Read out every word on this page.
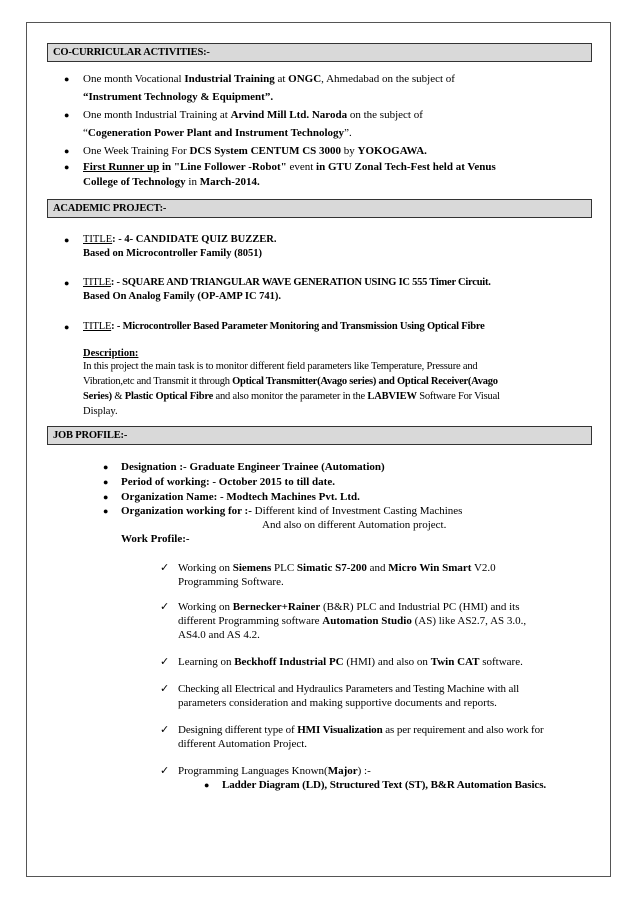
CO-CURRICULAR ACTIVITIES:-
● One month Vocational Industrial Training at ONGC, Ahmedabad on the subject of
“Instrument Technology & Equipment”.
● One month Industrial Training at Arvind Mill Ltd. Naroda on the subject of
“Cogeneration Power Plant and Instrument Technology”.
● One Week Training For DCS System CENTUM CS 3000 by YOKOGAWA.
● First Runner up in "Line Follower -Robot" event in GTU Zonal Tech-Fest held at Venus
College of Technology in March-2014.
ACADEMIC PROJECT:-
● TITLE: - 4- CANDIDATE QUIZ BUZZER.
Based on Microcontroller Family (8051)
● TITLE: - SQUARE AND TRIANGULAR WAVE GENERATION USING IC 555 Timer Circuit.
Based On Analog Family (OP-AMP IC 741).
● TITLE: - Microcontroller Based Parameter Monitoring and Transmission Using Optical Fibre
Description:
In this project the main task is to monitor different field parameters like Temperature, Pressure and
Vibration,etc and Transmit it through Optical Transmitter(Avago series) and Optical Receiver(Avago
Series) & Plastic Optical Fibre and also monitor the parameter in the LABVIEW Software For Visual
Display.
JOB PROFILE:-
● Designation :- Graduate Engineer Trainee (Automation)
● Period of working: - October 2015 to till date.
● Organization Name: - Modtech Machines Pvt. Ltd.
● Organization working for :- Different kind of Investment Casting Machines
And also on different Automation project.
Work Profile:-
✓ Working on Siemens PLC Simatic S7-200 and Micro Win Smart V2.0
Programming Software.
✓ Working on Bernecker+Rainer (B&R) PLC and Industrial PC (HMI) and its
different Programming software Automation Studio (AS) like AS2.7, AS 3.0.,
AS4.0 and AS 4.2.
✓ Learning on Beckhoff Industrial PC (HMI) and also on Twin CAT software.
✓ Checking all Electrical and Hydraulics Parameters and Testing Machine with all
parameters consideration and making supportive documents and reports.
✓ Designing different type of HMI Visualization as per requirement and also work for
different Automation Project.
✓ Programming Languages Known(Major) :-
● Ladder Diagram (LD), Structured Text (ST), B&R Automation Basics.
